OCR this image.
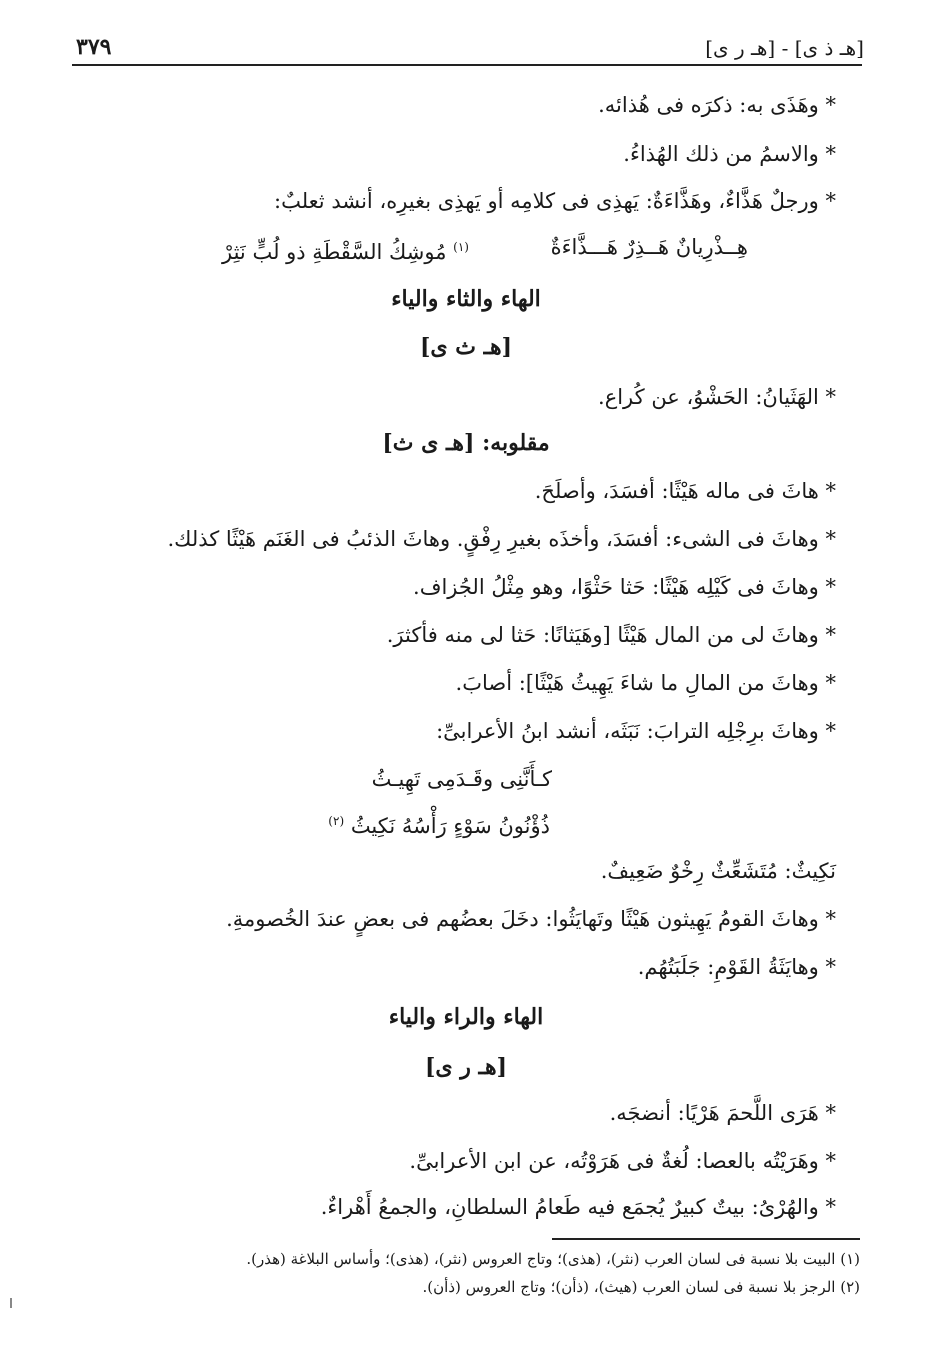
[هـ ذ ى] - [هـ ر ى]
٣٧٩
* وهَذَى به: ذكرَه فى هُذائه.
* والاسمُ من ذلك الهُذاءُ.
* ورجلٌ هَذَّاءٌ، وهَذَّاءَةٌ: يَهذِى فى كلامِه أو يَهذِى بغيرِه، أنشد ثعلبٌ:
هِــذْرِيانٌ هَــذِرٌ هَـــذَّاءَةٌ
$^{(١)}$ مُوشِكُ السَّقْطَةِ ذو لُبٍّ نَثِرْ
الهاء والثاء والياء
[هـ ث ى]
* الهَثَيانُ: الحَشْوُ، عن كُراع.
مقلوبه: [هـ ى ث]
* هاثَ فى ماله هَيْثًا: أفسَدَ، وأصلَحَ.
* وهاثَ فى الشىء: أفسَدَ، وأخذَه بغيرِ رِفْقٍ. وهاثَ الذئبُ فى الغَنَم هَيْثًا كذلك.
* وهاثَ فى كَيْلِه هَيْثًا: حَثا حَثْوًا، وهو مِثْلُ الجُزاف.
* وهاثَ لى من المال هَيْثًا [وهَيَثانًا: حَثا لى منه فأكثرَ.
* وهاثَ من المالِ ما شاءَ يَهِيثُ هَيْثًا]: أصابَ.
* وهاثَ برِجْلِه الترابَ: نَبَثَه، أنشد ابنُ الأعرابىِّ:
كـأَنَّنِى وقَـدَمِى تَهِيـثُ
ذُؤْنُونُ سَوْءٍ رَأْسُهُ نَكِيثُ $^{(٢)}$
نَكِيثٌ: مُتَشَعِّثٌ رِخْوٌ ضَعِيفٌ.
* وهاثَ القومُ يَهِيثون هَيْثًا وتَهايَثُوا: دخَلَ بعضُهم فى بعضٍ عندَ الخُصومةِ.
* وهايَثَةُ القَوْمِ: جَلَبَتُهُم.
الهاء والراء والياء
[هـ ر ى]
* هَرَى اللَّحمَ هَرْيًا: أنضجَه.
* وهَرَيْتُه بالعصا: لُغةٌ فى هَرَوْتُه، عن ابن الأعرابىِّ.
* والهُرْىُ: بيتٌ كبيرٌ يُجمَع فيه طَعامُ السلطانِ، والجمعُ أَهْراءٌ.
(١) البيت بلا نسبة فى لسان العرب (نثر)، (هذى)؛ وتاج العروس (نثر)، (هذى)؛ وأساس البلاغة (هذر).
(٢) الرجز بلا نسبة فى لسان العرب (هيث)، (ذأن)؛ وتاج العروس (ذأن).
